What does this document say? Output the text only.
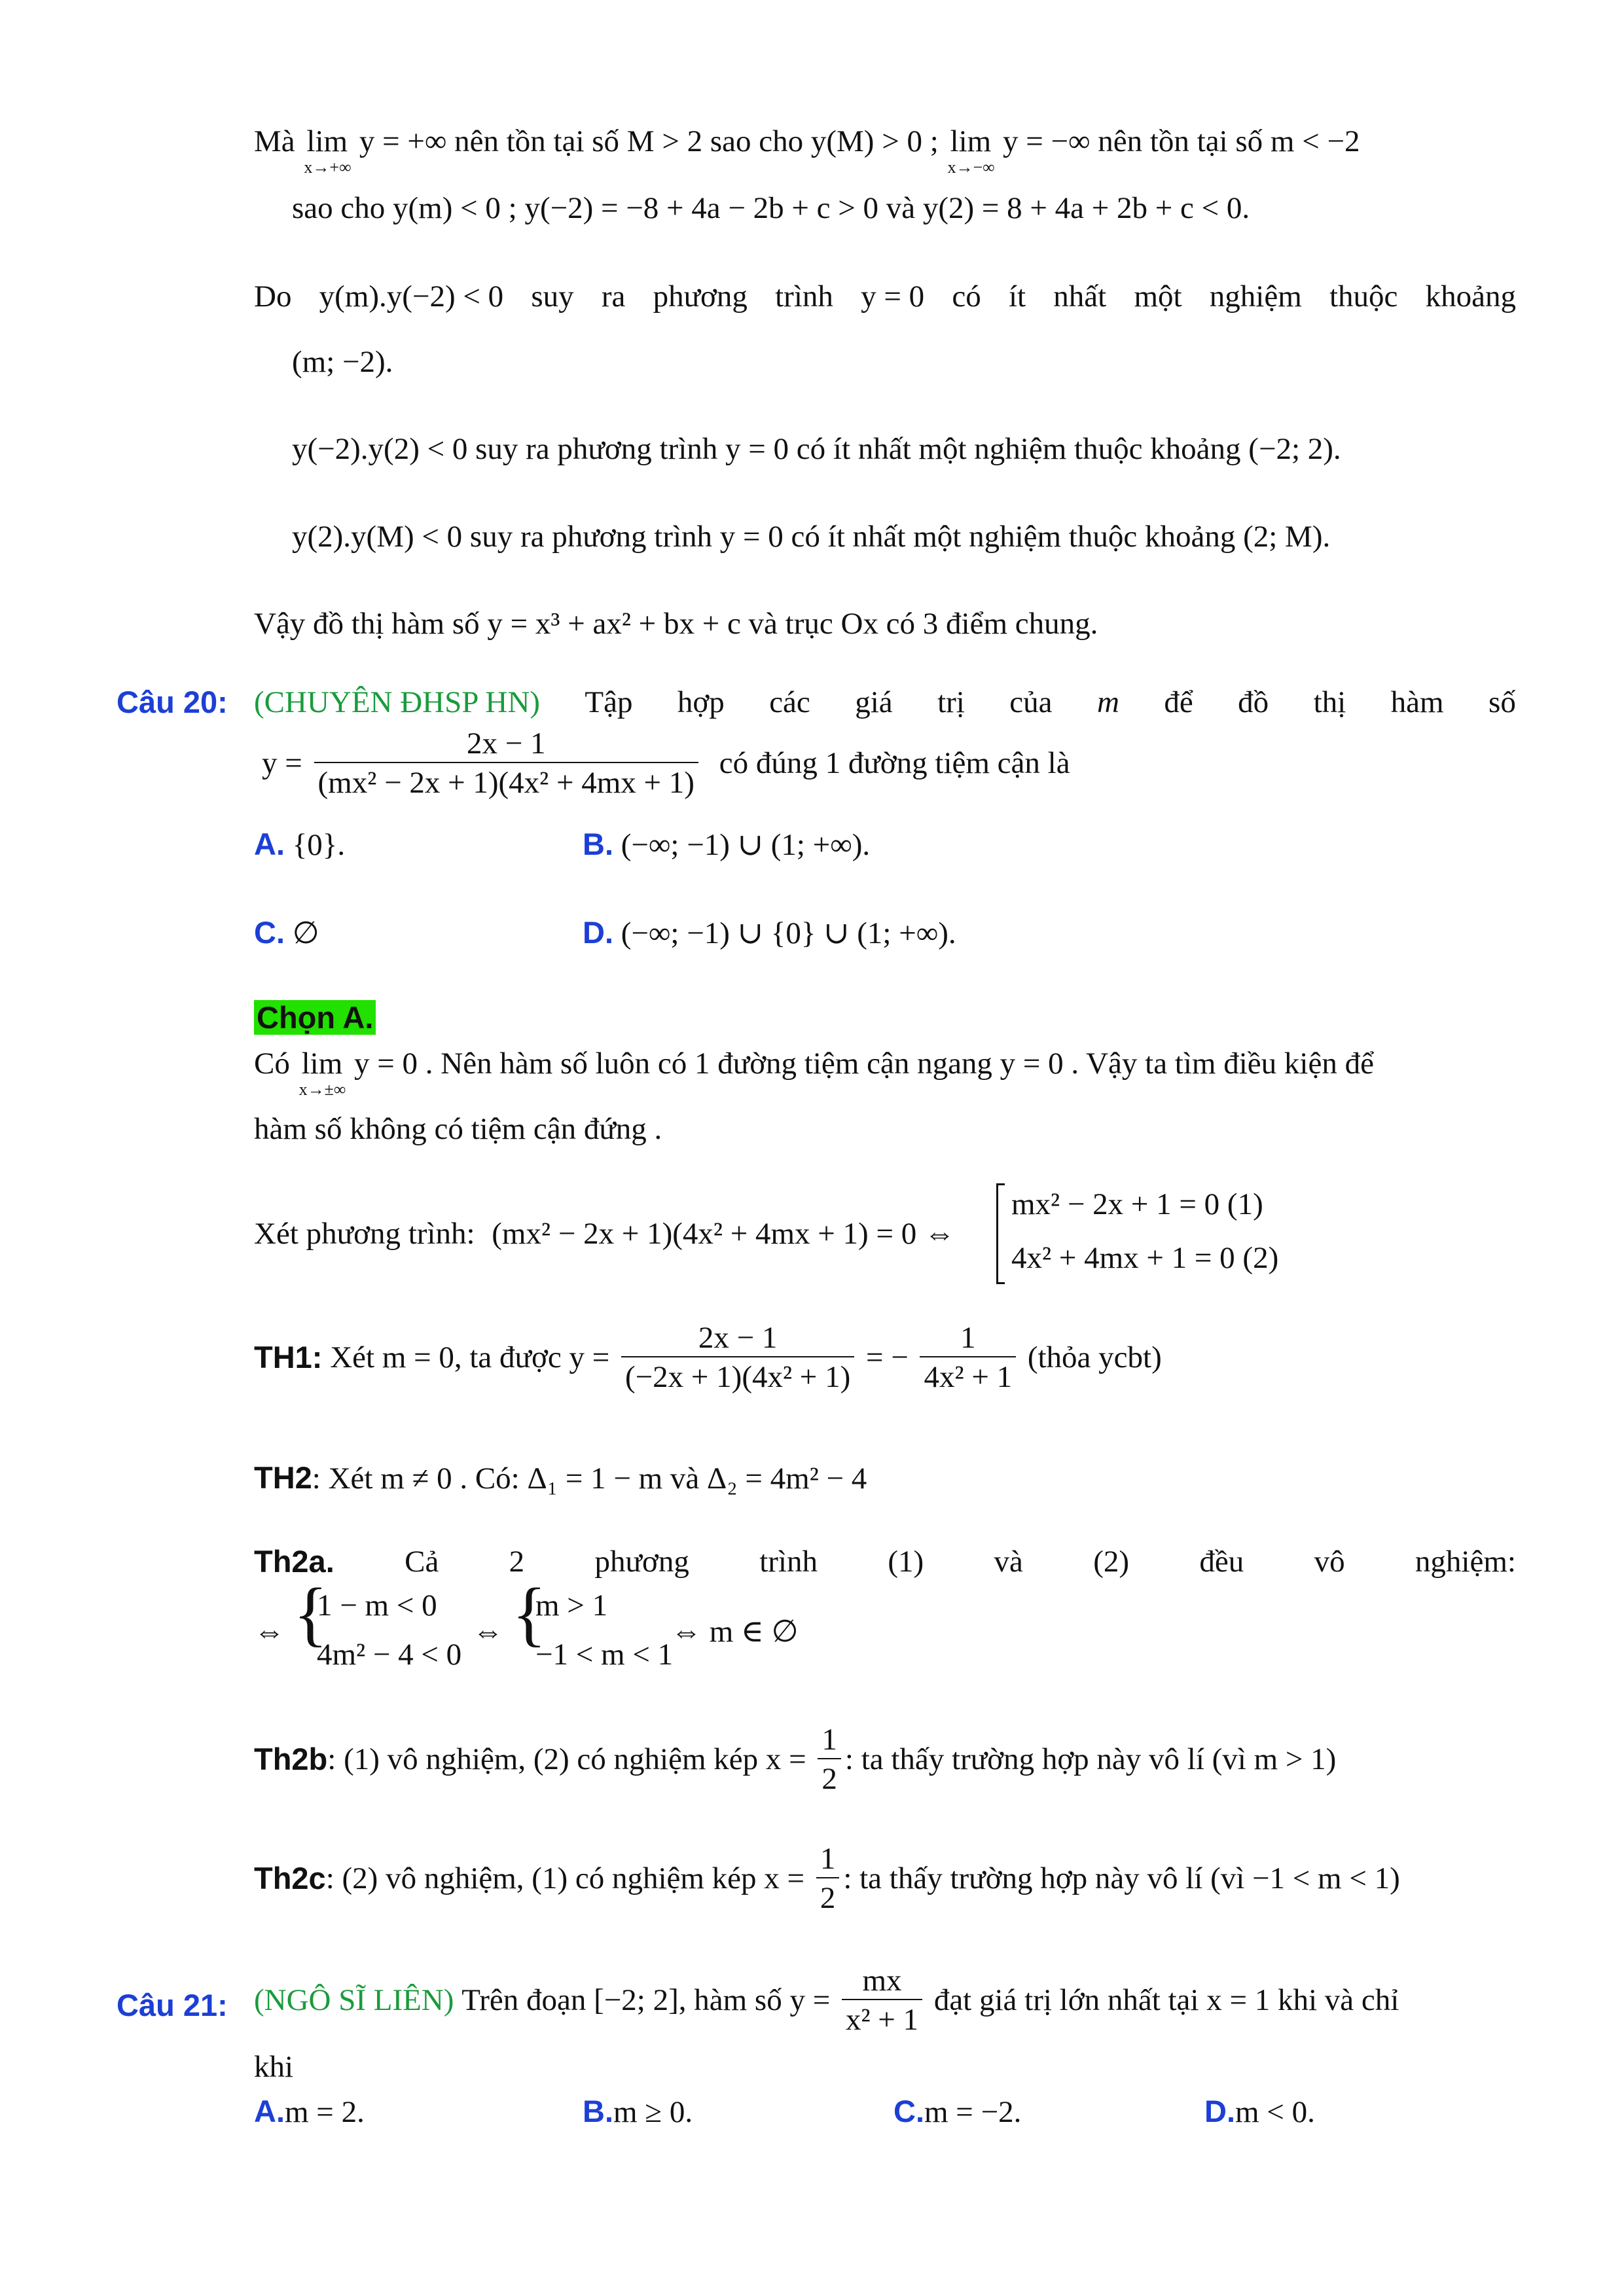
Mà lim
x→+∞
y = +∞ nên tồn tại số M > 2 sao cho y(M) > 0 ; lim
x→−∞
y = −∞ nên tồn tại số m < −2
sao cho y(m) < 0 ; y(−2) = −8 + 4a − 2b + c > 0 và y(2) = 8 + 4a + 2b + c < 0.
Do y(m).y(−2) < 0 suy ra phương trình y = 0 có ít nhất một nghiệm thuộc khoảng
(m; −2).
y(−2).y(2) < 0 suy ra phương trình y = 0 có ít nhất một nghiệm thuộc khoảng (−2; 2).
y(2).y(M) < 0 suy ra phương trình y = 0 có ít nhất một nghiệm thuộc khoảng (2; M).
Vậy đồ thị hàm số y = x³ + ax² + bx + c và trục Ox có 3 điểm chung.
Câu 20: (CHUYÊN ĐHSP HN) Tập hợp các giá trị của m để đồ thị hàm số
$y = \frac{2x - 1}{\text{(mx² − 2x + 1)(4x² + 4mx + 1)}}$ có đúng 1 đường tiệm cận là
A. {0}.	B. (−∞; −1) ∪ (1; +∞).
C. ∅	D. (−∞; −1) ∪ {0} ∪ (1; +∞).
Chọn A.
Có lim
x→±∞
y = 0 . Nên hàm số luôn có 1 đường tiệm cận ngang y = 0 . Vậy ta tìm điều kiện để
hàm số không có tiệm cận đứng .
Xét phương trình: (mx² − 2x + 1)(4x² + 4mx + 1) = 0 ⇔
mx² − 2x + 1 = 0 (1)
4x² + 4mx + 1 = 0 (2)
TH1: Xét m = 0, ta được $y = \frac{2x - 1}{\text{(−2x + 1)(4x² + 1)}}$ = − $\frac{1}{\text{4x² + 1}}$ (thỏa ycbt)
TH2: Xét m ≠ 0 . Có: Δ₁ = 1 − m và Δ₂ = 4m² − 4
Th2a. Cả 2 phương trình (1) và (2) đều vô nghiệm:
⇔ {
1 − m < 0
4m² − 4 < 0
⇔ {
m > 1
−1 < m < 1
⇔ m ∈ ∅
Th2b: (1) vô nghiệm, (2) có nghiệm kép $x = \frac{1}{2}$ : ta thấy trường hợp này vô lí (vì m > 1)
Th2c: (2) vô nghiệm, (1) có nghiệm kép $x = \frac{1}{2}$ : ta thấy trường hợp này vô lí (vì −1 < m < 1)
Câu 21: (NGÔ SĨ LIÊN) Trên đoạn [−2; 2], hàm số $y = \frac{mx}{\text{x² + 1}}$ đạt giá trị lớn nhất tại x = 1 khi và chỉ
khi
A.m = 2.	B.m ≥ 0.	C.m = −2.	D.m < 0.
